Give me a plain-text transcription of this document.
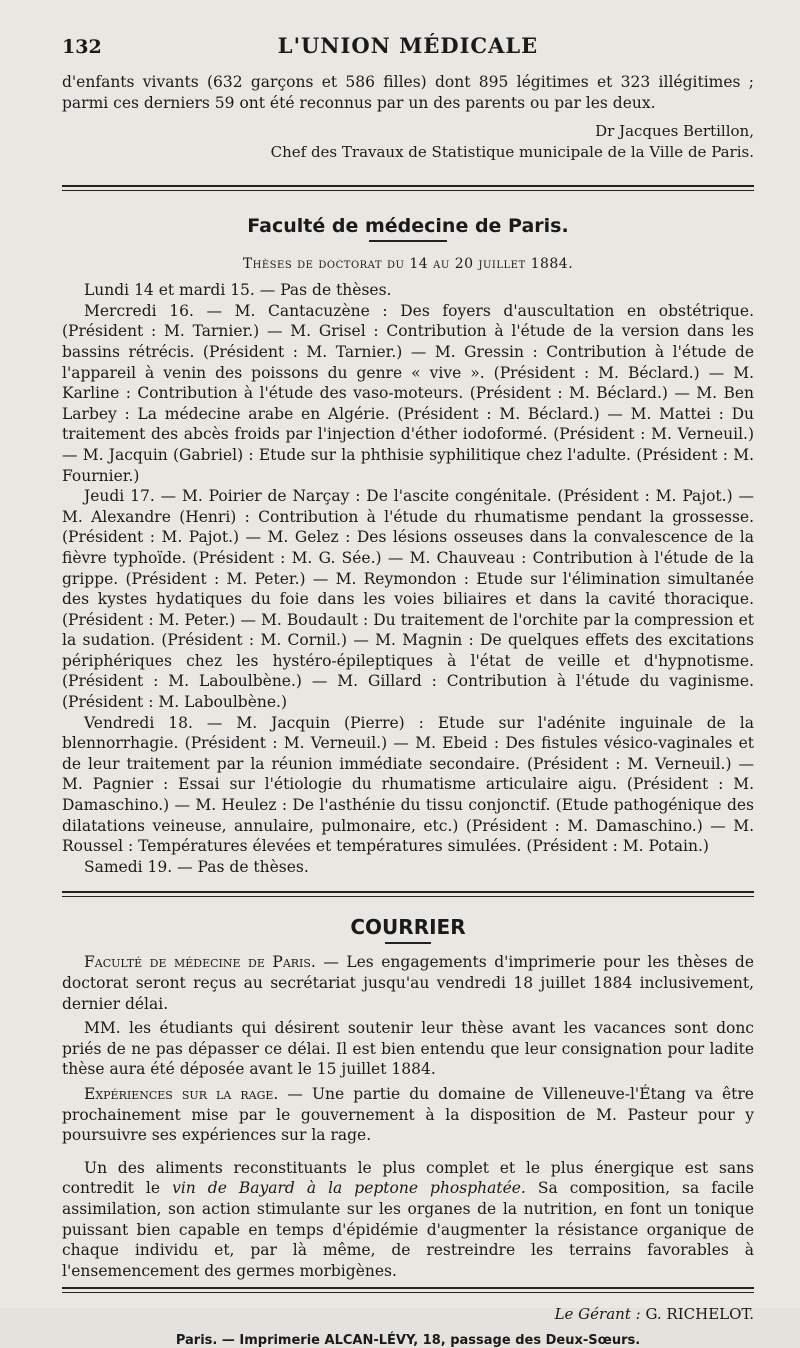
132	L'UNION MÉDICALE

d'enfants vivants (632 garçons et 586 filles) dont 895 légitimes et 323 illégitimes ; parmi ces derniers 59 ont été reconnus par un des parents ou par les deux.

Dr Jacques Bertillon,
Chef des Travaux de Statistique municipale de la Ville de Paris.
Faculté de médecine de Paris.
Thèses de doctorat du 14 au 20 juillet 1884.

Lundi 14 et mardi 15. — Pas de thèses.

Mercredi 16. — M. Cantacuzène : Des foyers d'auscultation en obstétrique. (Président : M. Tarnier.) — M. Grisel : Contribution à l'étude de la version dans les bassins rétrécis. (Président : M. Tarnier.) — M. Gressin : Contribution à l'étude de l'appareil à venin des poissons du genre « vive ». (Président : M. Béclard.) — M. Karline : Contribution à l'étude des vaso-moteurs. (Président : M. Béclard.) — M. Ben Larbey : La médecine arabe en Algérie. (Président : M. Béclard.) — M. Mattei : Du traitement des abcès froids par l'injection d'éther iodoformé. (Président : M. Verneuil.) — M. Jacquin (Gabriel) : Etude sur la phthisie syphilitique chez l'adulte. (Président : M. Fournier.)

Jeudi 17. — M. Poirier de Narçay : De l'ascite congénitale. (Président : M. Pajot.) — M. Alexandre (Henri) : Contribution à l'étude du rhumatisme pendant la grossesse. (Président : M. Pajot.) — M. Gelez : Des lésions osseuses dans la convalescence de la fièvre typhoïde. (Président : M. G. Sée.) — M. Chauveau : Contribution à l'étude de la grippe. (Président : M. Peter.) — M. Reymondon : Etude sur l'élimination simultanée des kystes hydatiques du foie dans les voies biliaires et dans la cavité thoracique. (Président : M. Peter.) — M. Boudault : Du traitement de l'orchite par la compression et la sudation. (Président : M. Cornil.) — M. Magnin : De quelques effets des excitations périphériques chez les hystéro-épileptiques à l'état de veille et d'hypnotisme. (Président : M. Laboulbène.) — M. Gillard : Contribution à l'étude du vaginisme. (Président : M. Laboulbène.)

Vendredi 18. — M. Jacquin (Pierre) : Etude sur l'adénite inguinale de la blennorrhagie. (Président : M. Verneuil.) — M. Ebeid : Des fistules vésico-vaginales et de leur traitement par la réunion immédiate secondaire. (Président : M. Verneuil.) — M. Pagnier : Essai sur l'étiologie du rhumatisme articulaire aigu. (Président : M. Damaschino.) — M. Heulez : De l'asthénie du tissu conjonctif. (Etude pathogénique des dilatations veineuse, annulaire, pulmonaire, etc.) (Président : M. Damaschino.) — M. Roussel : Températures élevées et températures simulées. (Président : M. Potain.)

Samedi 19. — Pas de thèses.

COURRIER

Faculté de médecine de Paris. — Les engagements d'imprimerie pour les thèses de doctorat seront reçus au secrétariat jusqu'au vendredi 18 juillet 1884 inclusivement, dernier délai.

MM. les étudiants qui désirent soutenir leur thèse avant les vacances sont donc priés de ne pas dépasser ce délai. Il est bien entendu que leur consignation pour ladite thèse aura été déposée avant le 15 juillet 1884.

Expériences sur la rage. — Une partie du domaine de Villeneuve-l'Étang va être prochainement mise par le gouvernement à la disposition de M. Pasteur pour y poursuivre ses expériences sur la rage.

Un des aliments reconstituants le plus complet et le plus énergique est sans contredit le vin de Bayard à la peptone phosphatée. Sa composition, sa facile assimilation, son action stimulante sur les organes de la nutrition, en font un tonique puissant bien capable en temps d'épidémie d'augmenter la résistance organique de chaque individu et, par là même, de restreindre les terrains favorables à l'ensemencement des germes morbigènes.

Le Gérant : G. RICHELOT.
Paris. — Imprimerie ALCAN-LÉVY, 18, passage des Deux-Sœurs.
